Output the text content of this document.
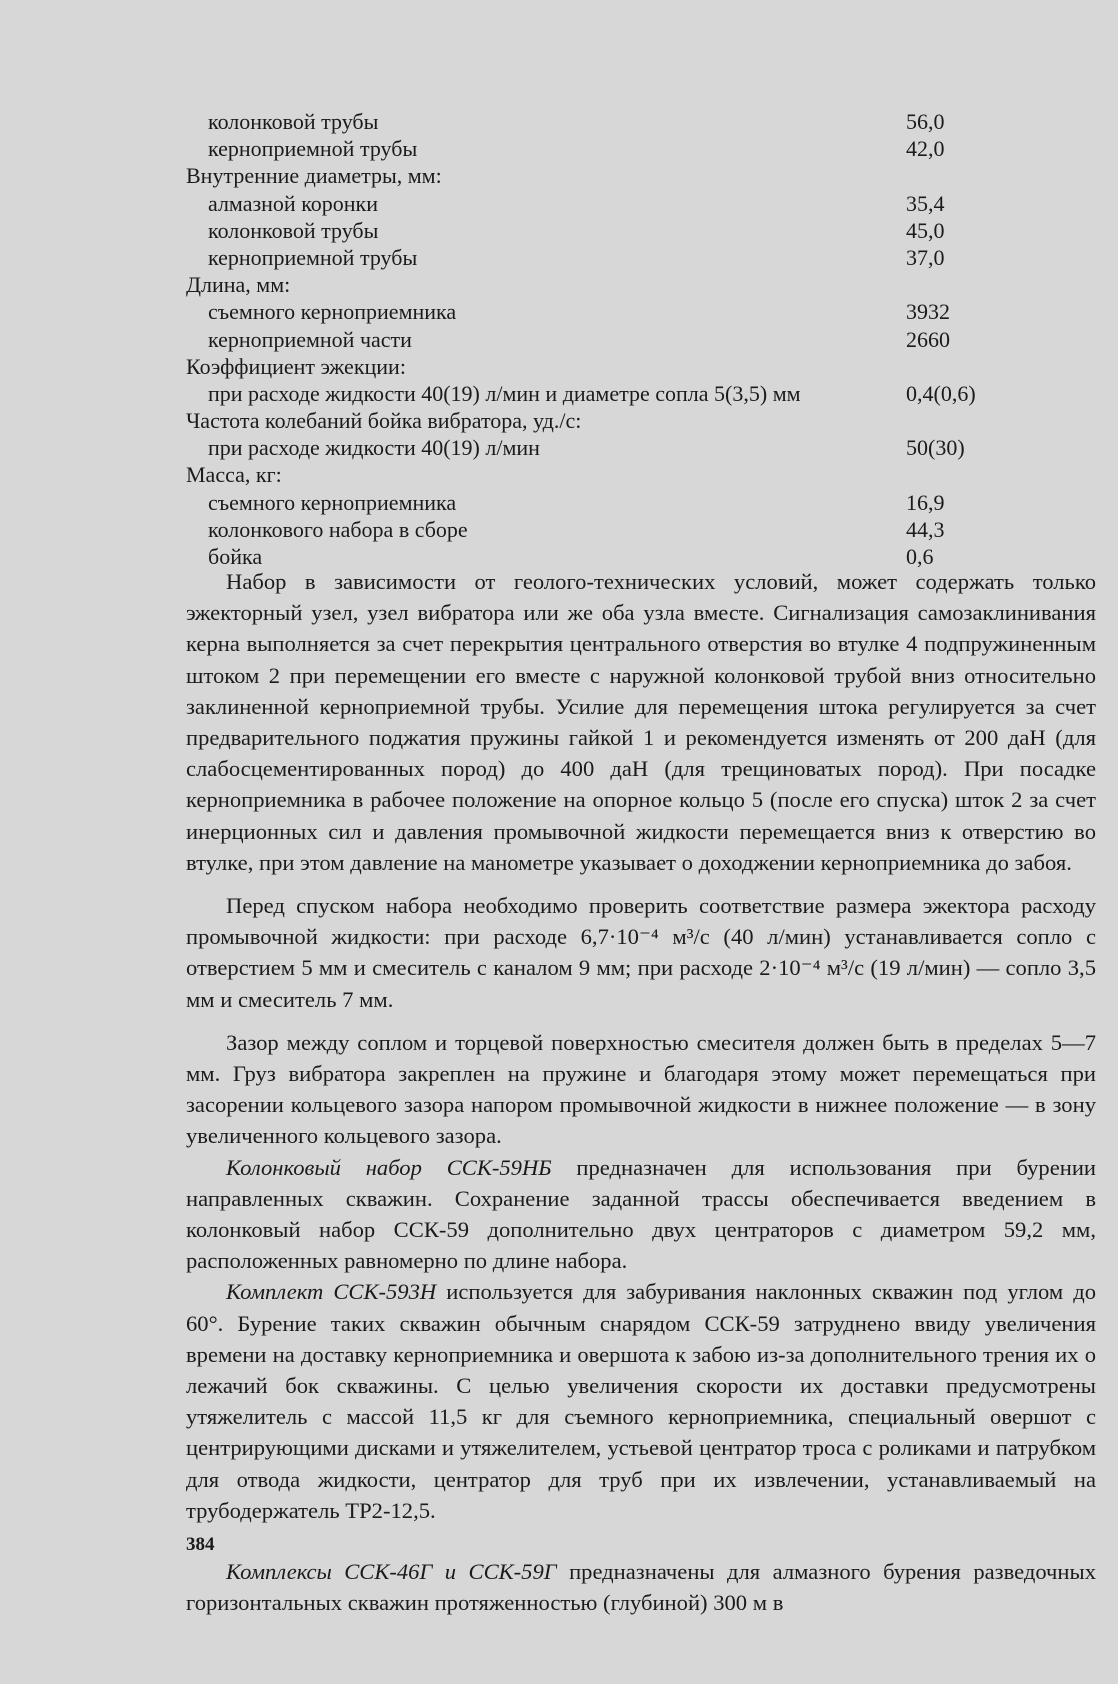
колонковой трубы	56,0
керноприемной трубы	42,0
Внутренние диаметры, мм:
алмазной коронки	35,4
колонковой трубы	45,0
керноприемной трубы	37,0
Длина, мм:
съемного керноприемника	3932
керноприемной части	2660
Коэффициент эжекции:
при расходе жидкости 40(19) л/мин и диаметре сопла 5(3,5) мм	0,4(0,6)
Частота колебаний бойка вибратора, уд./с:
при расходе жидкости 40(19) л/мин	50(30)
Масса, кг:
съемного керноприемника	16,9
колонкового набора в сборе	44,3
бойка	0,6

Набор в зависимости от геолого-технических условий, может содержать только эжекторный узел, узел вибратора или же оба узла вместе. Сигнализация самозаклинивания керна выполняется за счет перекрытия центрального отверстия во втулке 4 подпружиненным штоком 2 при перемещении его вместе с наружной колонковой трубой вниз относительно заклиненной керноприемной трубы. Усилие для перемещения штока регулируется за счет предварительного поджатия пружины гайкой 1 и рекомендуется изменять от 200 даН (для слабосцементированных пород) до 400 даН (для трещиноватых пород). При посадке керноприемника в рабочее положение на опорное кольцо 5 (после его спуска) шток 2 за счет инерционных сил и давления промывочной жидкости перемещается вниз к отверстию во втулке, при этом давление на манометре указывает о доходжении керноприемника до забоя.

Перед спуском набора необходимо проверить соответствие размера эжектора расходу промывочной жидкости: при расходе 6,7·10⁻⁴ м³/с (40 л/мин) устанавливается сопло с отверстием 5 мм и смеситель с каналом 9 мм; при расходе 2·10⁻⁴ м³/с (19 л/мин) — сопло 3,5 мм и смеситель 7 мм.

Зазор между соплом и торцевой поверхностью смесителя должен быть в пределах 5—7 мм. Груз вибратора закреплен на пружине и благодаря этому может перемещаться при засорении кольцевого зазора напором промывочной жидкости в нижнее положение — в зону увеличенного кольцевого зазора.

Колонковый набор ССК-59НБ предназначен для использования при бурении направленных скважин. Сохранение заданной трассы обеспечивается введением в колонковый набор ССК-59 дополнительно двух центраторов с диаметром 59,2 мм, расположенных равномерно по длине набора.

Комплект ССК-593Н используется для забуривания наклонных скважин под углом до 60°. Бурение таких скважин обычным снарядом ССК-59 затруднено ввиду увеличения времени на доставку керноприемника и овершота к забою из-за дополнительного трения их о лежачий бок скважины. С целью увеличения скорости их доставки предусмотрены утяжелитель с массой 11,5 кг для съемного керноприемника, специальный овершот с центрирующими дисками и утяжелителем, устьевой центратор троса с роликами и патрубком для отвода жидкости, центратор для труб при их извлечении, устанавливаемый на трубодержатель ТР2-12,5.

Комплексы ССК-46Г и ССК-59Г предназначены для алмазного бурения разведочных горизонтальных скважин протяженностью (глубиной) 300 м в

384
